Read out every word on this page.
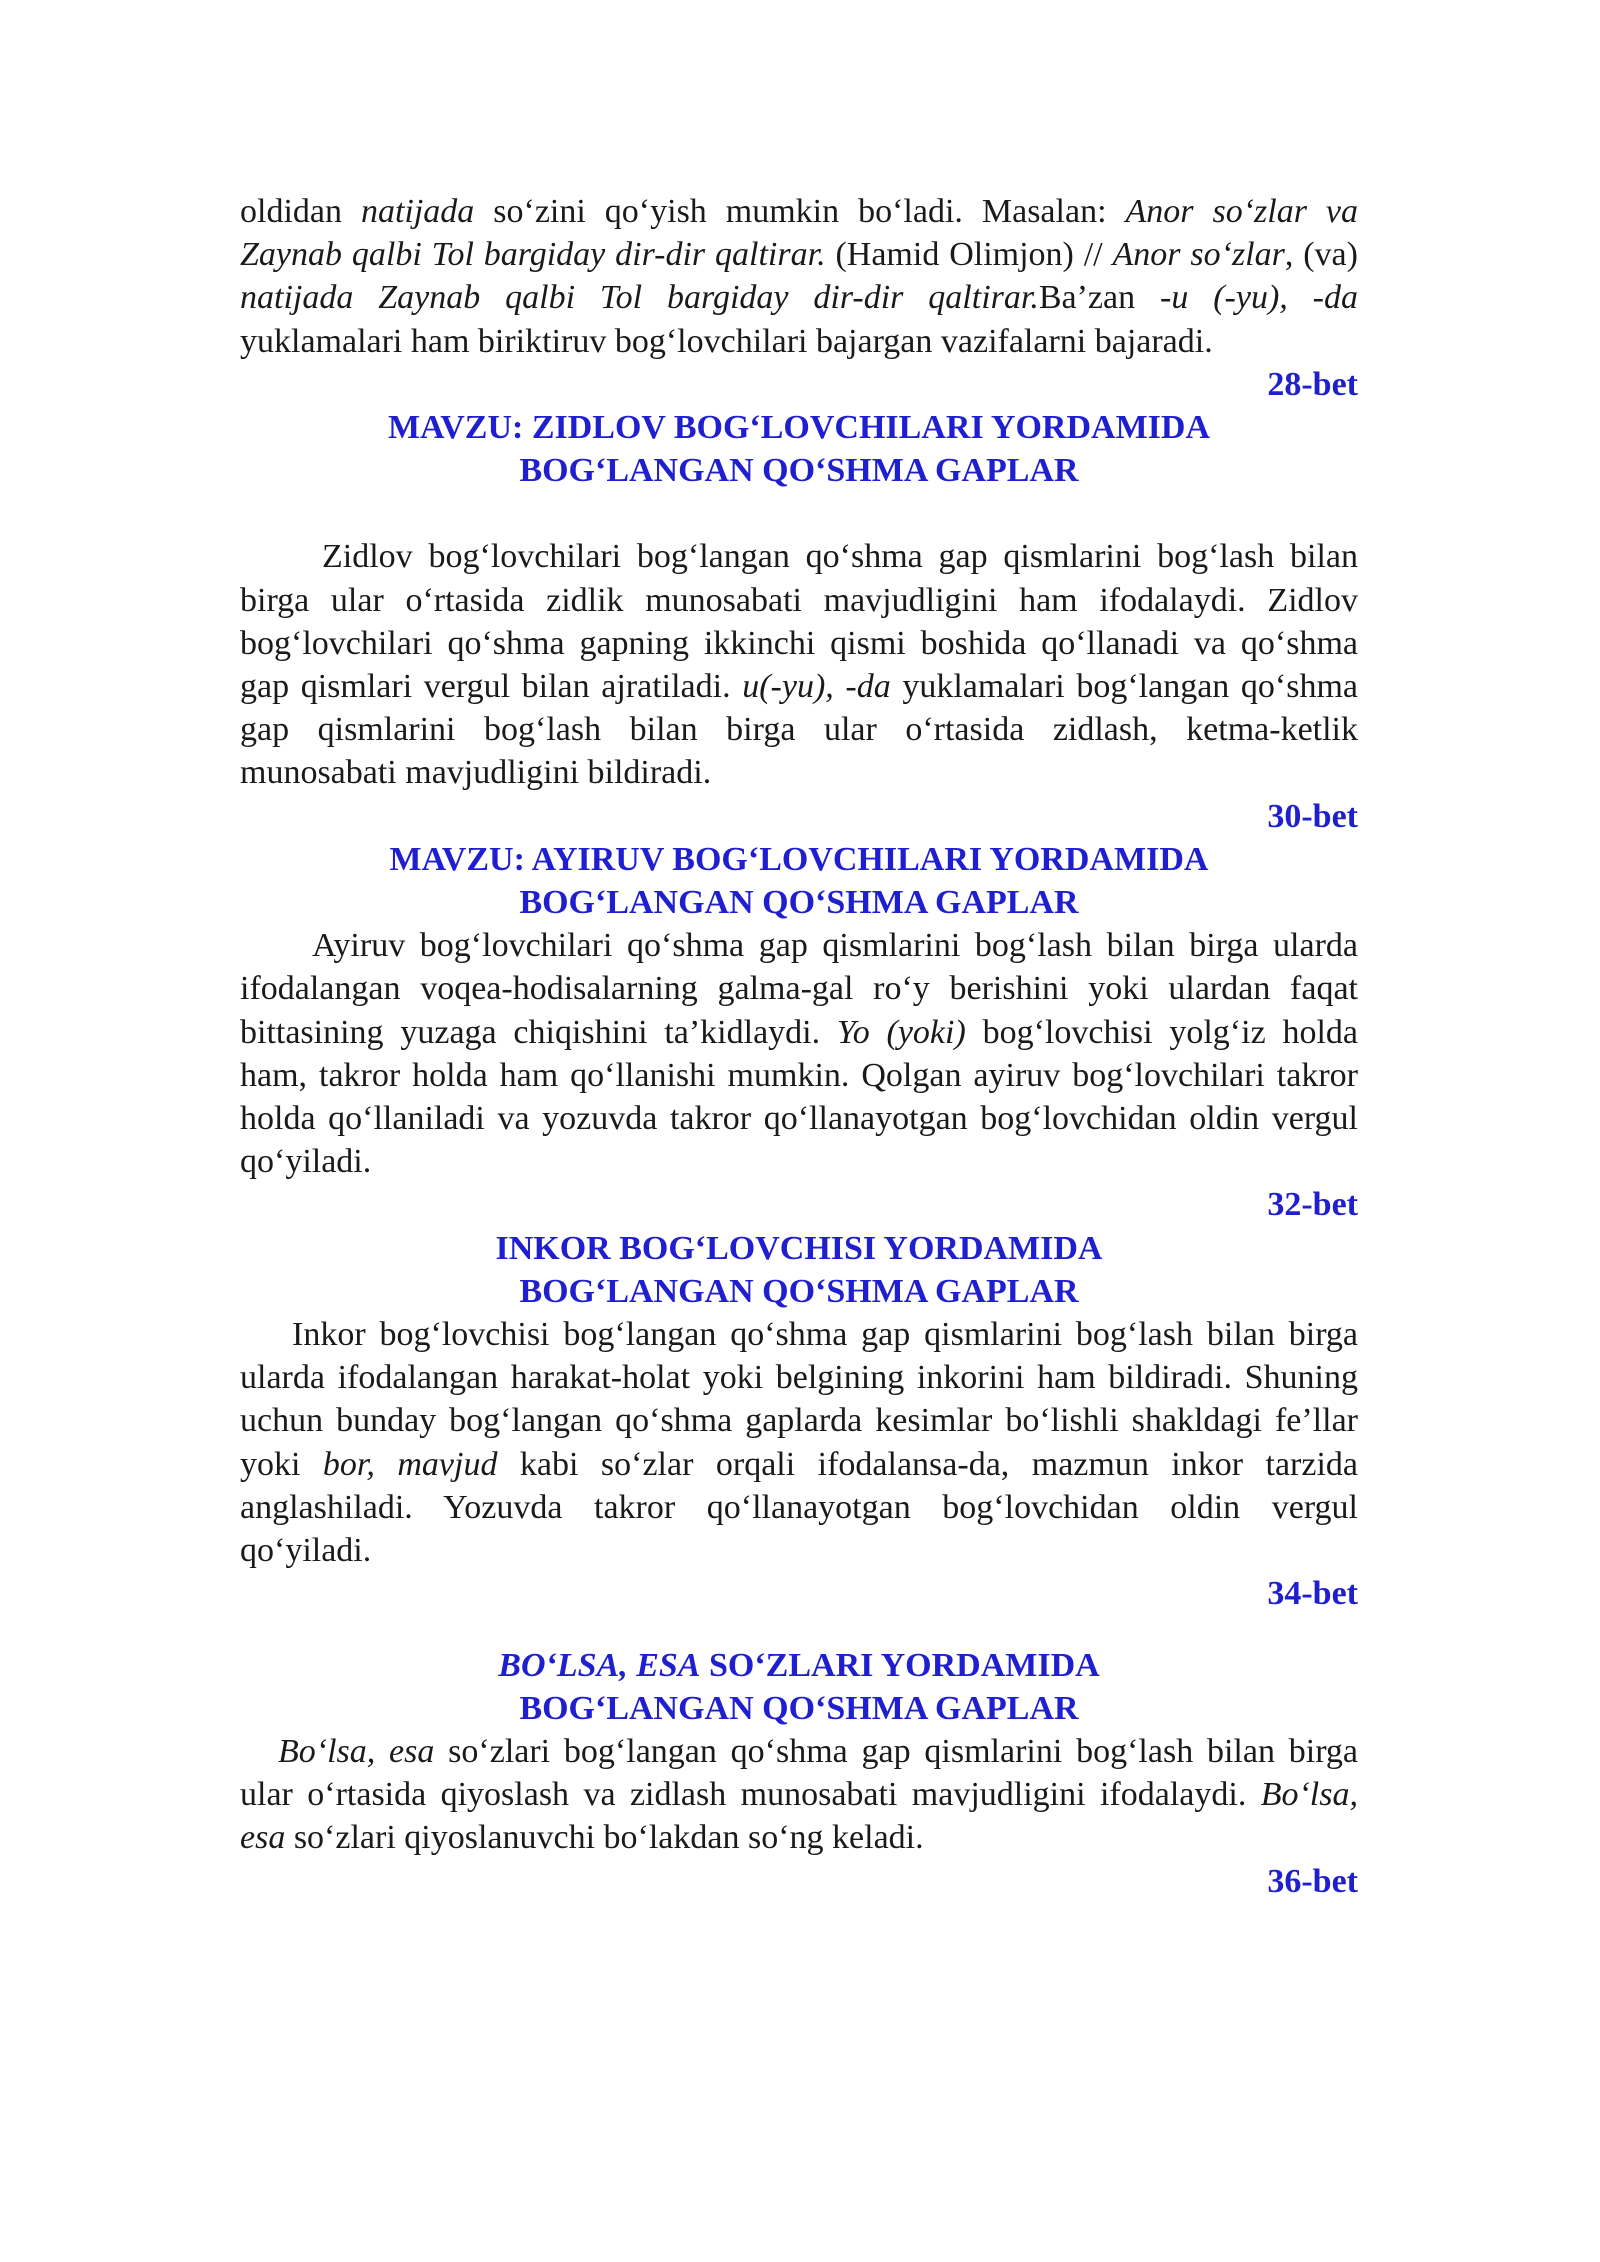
oldidan natijada so‘zini qo‘yish mumkin bo‘ladi. Masalan: Anor so‘zlar va Zaynab qalbi Tol bargiday dir-dir qaltirar. (Hamid Olimjon) // Anor so‘zlar, (va) natijada Zaynab qalbi Tol bargiday dir-dir qaltirar.Ba’zan -u (-yu), -da yuklamalari ham biriktiruv bog‘lovchilari bajargan vazifalarni bajaradi.

28-bet
MAVZU: ZIDLOV BOG‘LOVCHILARI YORDAMIDA
BOG‘LANGAN QO‘SHMA GAPLAR

Zidlov bog‘lovchilari bog‘langan qo‘shma gap qismlarini bog‘lash bilan birga ular o‘rtasida zidlik munosabati mavjudligini ham ifodalaydi. Zidlov bog‘lovchilari qo‘shma gapning ikkinchi qismi boshida qo‘llanadi va qo‘shma gap qismlari vergul bilan ajratiladi. u(-yu), -da yuklamalari bog‘langan qo‘shma gap qismlarini bog‘lash bilan birga ular o‘rtasida zidlash, ketma-ketlik munosabati mavjudligini bildiradi.

30-bet
MAVZU: AYIRUV BOG‘LOVCHILARI YORDAMIDA
BOG‘LANGAN QO‘SHMA GAPLAR

Ayiruv bog‘lovchilari qo‘shma gap qismlarini bog‘lash bilan birga ularda ifodalangan voqea-hodisalarning galma-gal ro‘y berishini yoki ulardan faqat bittasining yuzaga chiqishini ta’kidlaydi. Yo (yoki) bog‘lovchisi yolg‘iz holda ham, takror holda ham qo‘llanishi mumkin. Qolgan ayiruv bog‘lovchilari takror holda qo‘llaniladi va yozuvda takror qo‘llanayotgan bog‘lovchidan oldin vergul qo‘yiladi.

32-bet
INKOR BOG‘LOVCHISI YORDAMIDA
BOG‘LANGAN QO‘SHMA GAPLAR

Inkor bog‘lovchisi bog‘langan qo‘shma gap qismlarini bog‘lash bilan birga ularda ifodalangan harakat-holat yoki belgining inkorini ham bildiradi. Shuning uchun bunday bog‘langan qo‘shma gaplarda kesimlar bo‘lishli shakldagi fe’llar yoki bor, mavjud kabi so‘zlar orqali ifodalansa-da, mazmun inkor tarzida anglashiladi. Yozuvda takror qo‘llanayotgan bog‘lovchidan oldin vergul qo‘yiladi.

34-bet
BO‘LSA, ESA SO‘ZLARI YORDAMIDA
BOG‘LANGAN QO‘SHMA GAPLAR

Bo‘lsa, esa so‘zlari bog‘langan qo‘shma gap qismlarini bog‘lash bilan birga ular o‘rtasida qiyoslash va zidlash munosabati mavjudligini ifodalaydi. Bo‘lsa, esa so‘zlari qiyoslanuvchi bo‘lakdan so‘ng keladi.

36-bet
